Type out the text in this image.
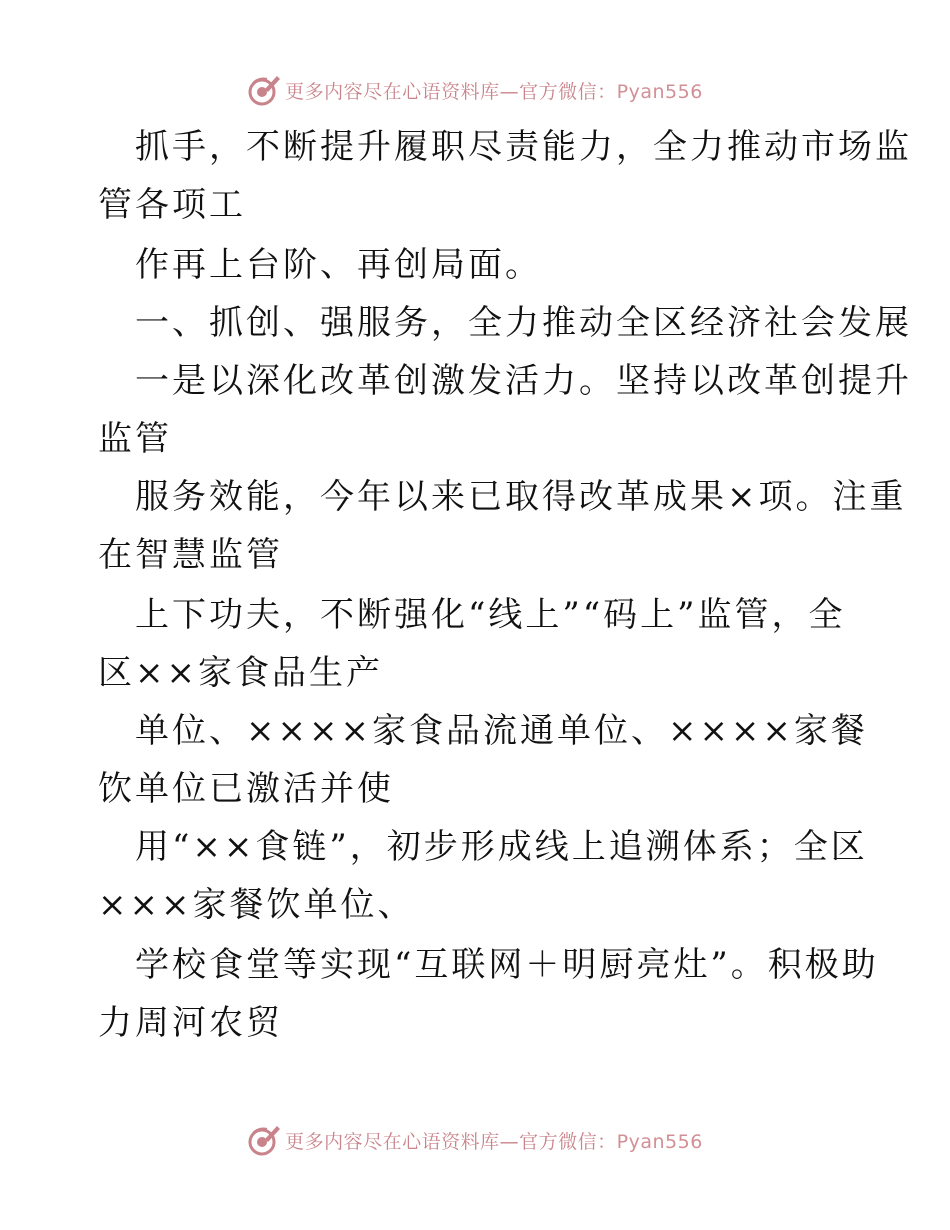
更多内容尽在心语资料库—官方微信：Pyan556
抓手，不断提升履职尽责能力，全力推动市场监
管各项工
作再上台阶、再创局面。
一、抓创、强服务，全力推动全区经济社会发展
一是以深化改革创激发活力。坚持以改革创提升
监管
服务效能，今年以来已取得改革成果×项。注重
在智慧监管
上下功夫，不断强化“线上”“码上”监管，全
区××家食品生产
单位、××××家食品流通单位、××××家餐
饮单位已激活并使
用“××食链”，初步形成线上追溯体系；全区
×××家餐饮单位、
学校食堂等实现“互联网＋明厨亮灶”。积极助
力周河农贸
更多内容尽在心语资料库—官方微信：Pyan556
